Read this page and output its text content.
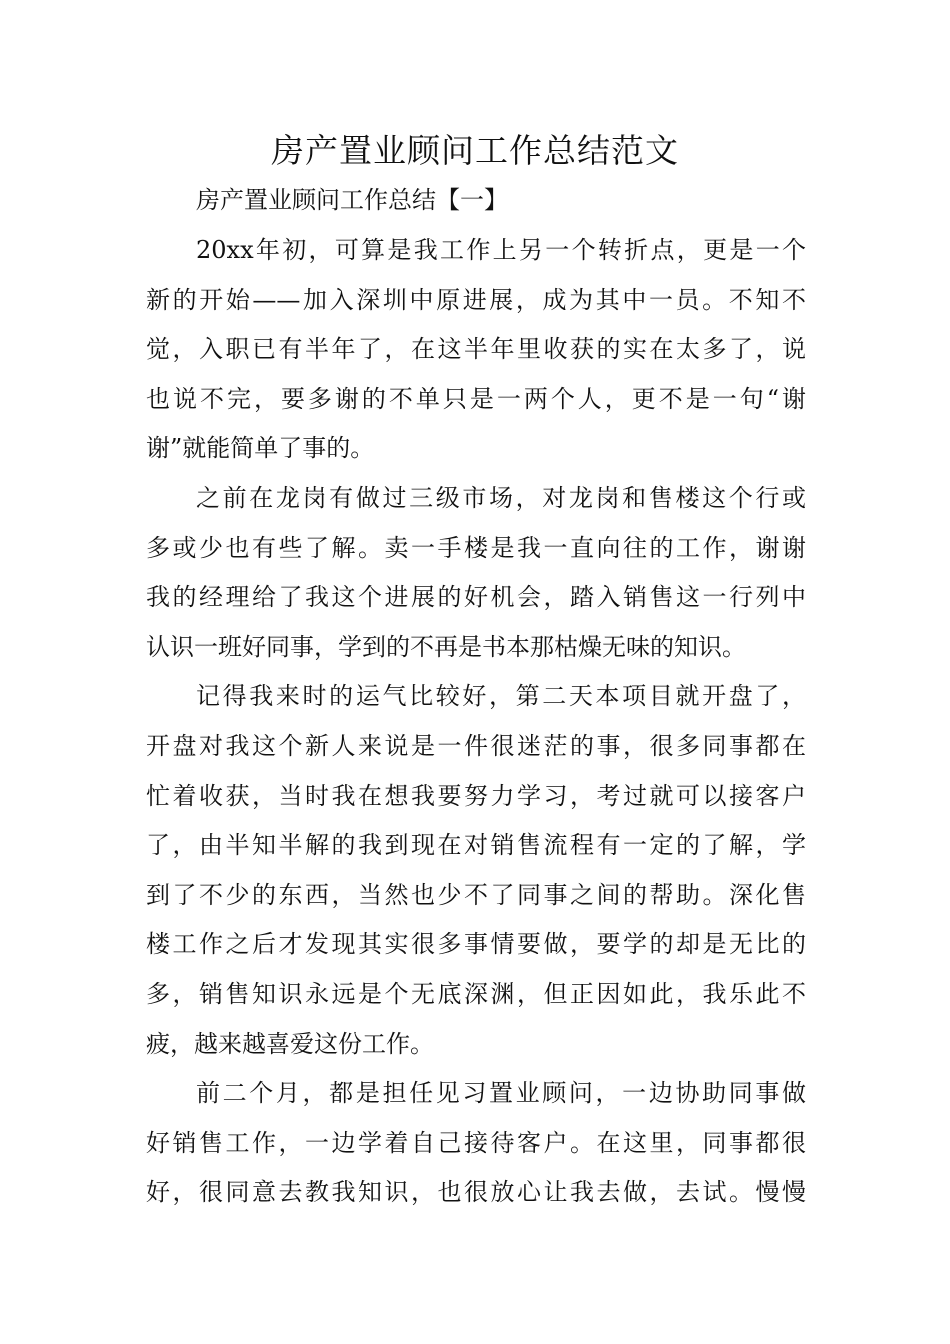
房产置业顾问工作总结范文

房产置业顾问工作总结【一】

20xx年初，可算是我工作上另一个转折点，更是一个
新的开始——加入深圳中原进展，成为其中一员。不知不
觉，入职已有半年了，在这半年里收获的实在太多了，说
也说不完，要多谢的不单只是一两个人，更不是一句“谢
谢”就能简单了事的。
之前在龙岗有做过三级市场，对龙岗和售楼这个行或
多或少也有些了解。卖一手楼是我一直向往的工作，谢谢
我的经理给了我这个进展的好机会，踏入销售这一行列中
认识一班好同事，学到的不再是书本那枯燥无味的知识。
记得我来时的运气比较好，第二天本项目就开盘了，
开盘对我这个新人来说是一件很迷茫的事，很多同事都在
忙着收获，当时我在想我要努力学习，考过就可以接客户
了，由半知半解的我到现在对销售流程有一定的了解，学
到了不少的东西，当然也少不了同事之间的帮助。深化售
楼工作之后才发现其实很多事情要做，要学的却是无比的
多，销售知识永远是个无底深渊，但正因如此，我乐此不
疲，越来越喜爱这份工作。
前二个月，都是担任见习置业顾问，一边协助同事做
好销售工作，一边学着自己接待客户。在这里，同事都很
好，很同意去教我知识，也很放心让我去做，去试。慢慢
